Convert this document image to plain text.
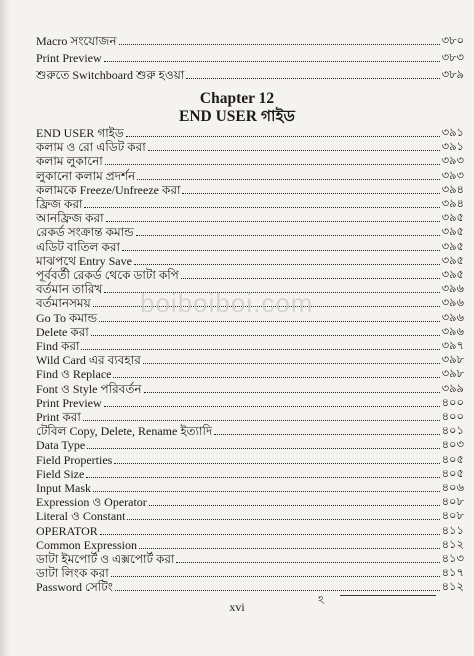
Macro সংযোজন	৩৮০
Print Preview	৩৮৩
শুরুতে Switchboard শুরু হওয়া	৩৮৯
Chapter 12
END USER গাইড
END USER গাইড	৩৯১
কলাম ও রো এডিট করা	৩৯১
কলাম লুকানো	৩৯৩
লুকানো কলাম প্রদর্শন	৩৯৩
কলামকে Freeze/Unfreeze করা	৩৯৪
ফ্রিজ করা	৩৯৪
আনফ্রিজ করা	৩৯৫
রেকর্ড সংক্রান্ত কমান্ড	৩৯৫
এডিট বাতিল করা	৩৯৫
মাঝপথে Entry Save	৩৯৫
পূর্ববর্তী রেকর্ড থেকে ডাটা কপি	৩৯৫
বর্তমান তারিখ	৩৯৬
বর্তমানসময়	৩৯৬
Go To কমান্ড	৩৯৬
Delete করা	৩৯৬
Find করা	৩৯৭
Wild Card এর ব্যবহার	৩৯৮
Find ও Replace	৩৯৮
Font ও Style পরিবর্তন	৩৯৯
Print Preview	৪০০
Print করা	৪০০
টেবিল Copy, Delete, Rename ইত্যাদি	৪০১
Data Type	৪০৩
Field Properties	৪০৫
Field Size	৪০৫
Input Mask	৪০৬
Expression ও Operator	৪০৮
Literal ও Constant	৪০৮
OPERATOR	৪১১
Common Expression	৪১২
ডাটা ইমপোর্ট ও এক্সপোর্ট করা	৪১৩
ডাটা লিংক করা	৪১৭
Password সেটিং	৪১২
boiboiboi.com
xvi	ঽ
